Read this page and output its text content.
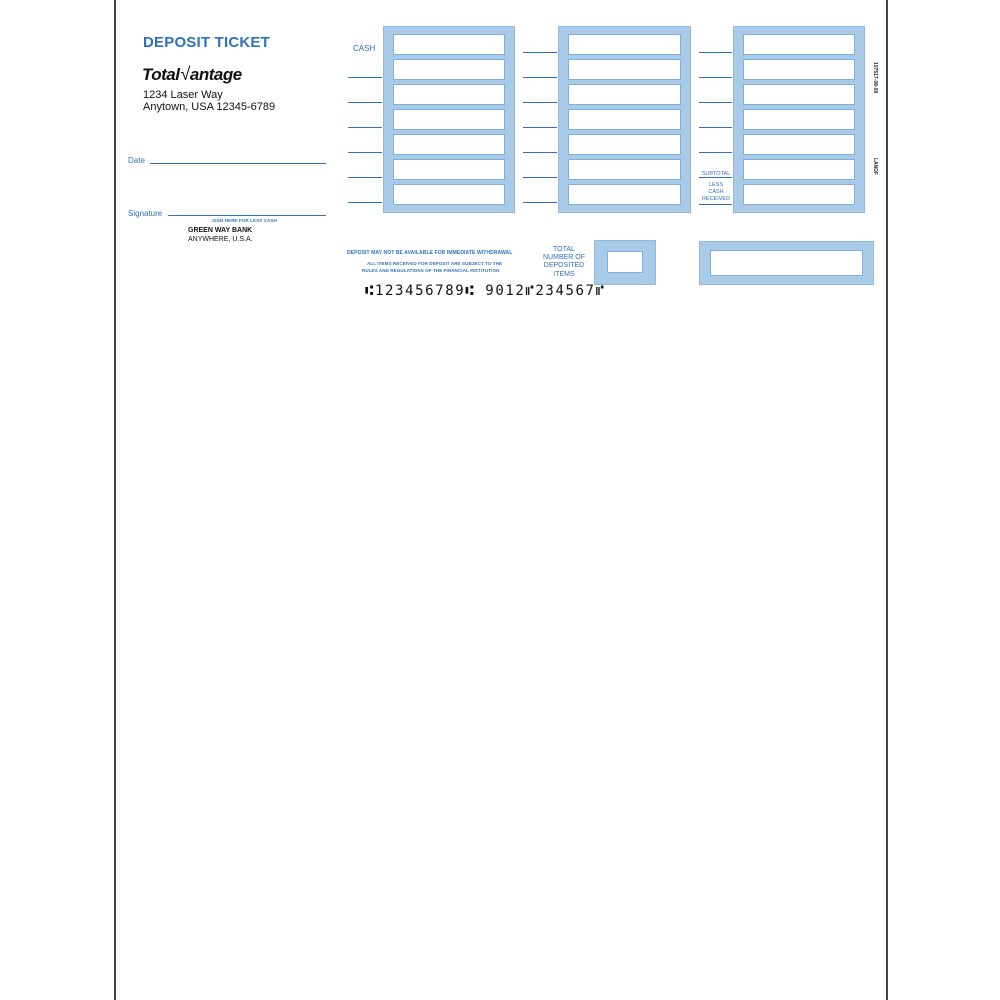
DEPOSIT TICKET
Total√antage
1234 Laser Way
Anytown, USA 12345-6789
Date
Signature
SIGN HERE FOR LESS CASH
GREEN WAY BANK
ANYWHERE, U.S.A.
CASH
SUBTOTAL
LESS
CASH
RECEIVED
107517-08-09
LANDF
DEPOSIT MAY NOT BE AVAILABLE FOR IMMEDIATE WITHDRAWAL
ALL ITEMS RECEIVED FOR DEPOSIT ARE SUBJECT TO THE
RULES AND REGULATIONS OF THE FINANCIAL INSTITUTION
TOTAL
NUMBER OF
DEPOSITED
ITEMS
⑆123456789⑆ 9012⑈234567⑈
